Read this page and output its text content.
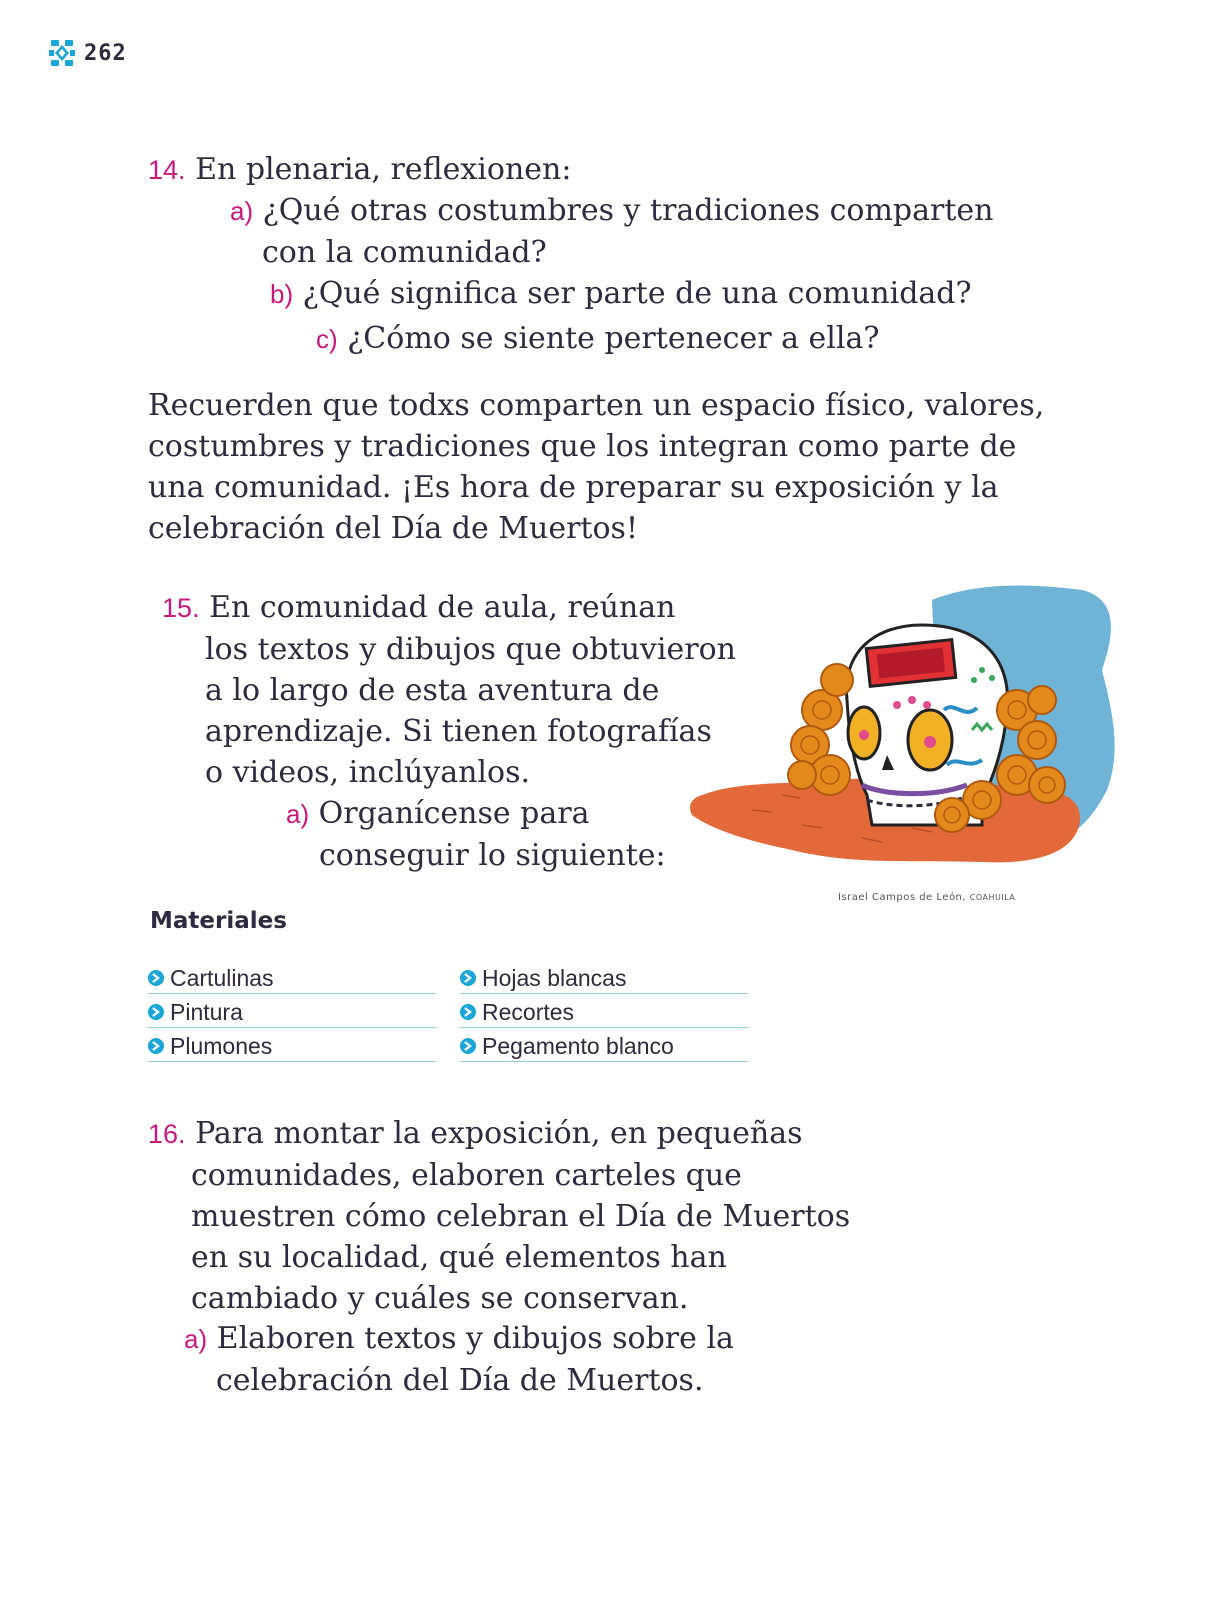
262
14. En plenaria, reflexionen:
a) ¿Qué otras costumbres y tradiciones comparten
con la comunidad?
b) ¿Qué significa ser parte de una comunidad?
c) ¿Cómo se siente pertenecer a ella?
Recuerden que todxs comparten un espacio físico, valores,
costumbres y tradiciones que los integran como parte de
una comunidad. ¡Es hora de preparar su exposición y la
celebración del Día de Muertos!
15. En comunidad de aula, reúnan
los textos y dibujos que obtuvieron
a lo largo de esta aventura de
aprendizaje. Si tienen fotografías
o videos, inclúyanlos.
a) Organícense para
conseguir lo siguiente:
Israel Campos de León, COAHUILA
Materiales
Cartulinas
Pintura
Plumones
Hojas blancas
Recortes
Pegamento blanco
16. Para montar la exposición, en pequeñas
comunidades, elaboren carteles que
muestren cómo celebran el Día de Muertos
en su localidad, qué elementos han
cambiado y cuáles se conservan.
a) Elaboren textos y dibujos sobre la
celebración del Día de Muertos.
